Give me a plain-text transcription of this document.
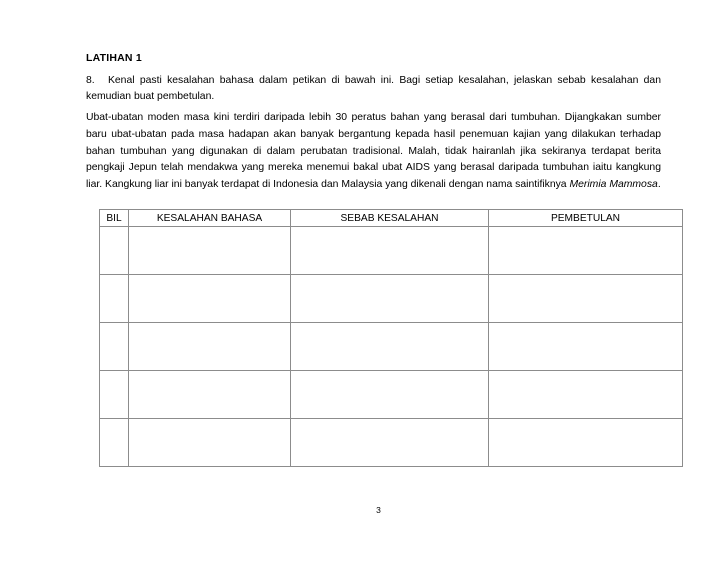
LATIHAN 1
8. Kenal pasti kesalahan bahasa dalam petikan di bawah ini. Bagi setiap kesalahan, jelaskan sebab kesalahan dan kemudian buat pembetulan.
Ubat-ubatan moden masa kini terdiri daripada lebih 30 peratus bahan yang berasal dari tumbuhan. Dijangkakan sumber baru ubat-ubatan pada masa hadapan akan banyak bergantung kepada hasil penemuan kajian yang dilakukan terhadap bahan tumbuhan yang digunakan di dalam perubatan tradisional. Malah, tidak hairanlah jika sekiranya terdapat berita pengkaji Jepun telah mendakwa yang mereka menemui bakal ubat AIDS yang berasal daripada tumbuhan iaitu kangkung liar. Kangkung liar ini banyak terdapat di Indonesia dan Malaysia yang dikenali dengan nama saintifiknya Merimia Mammosa.
BIL	KESALAHAN BAHASA	SEBAB KESALAHAN	PEMBETULAN

3
